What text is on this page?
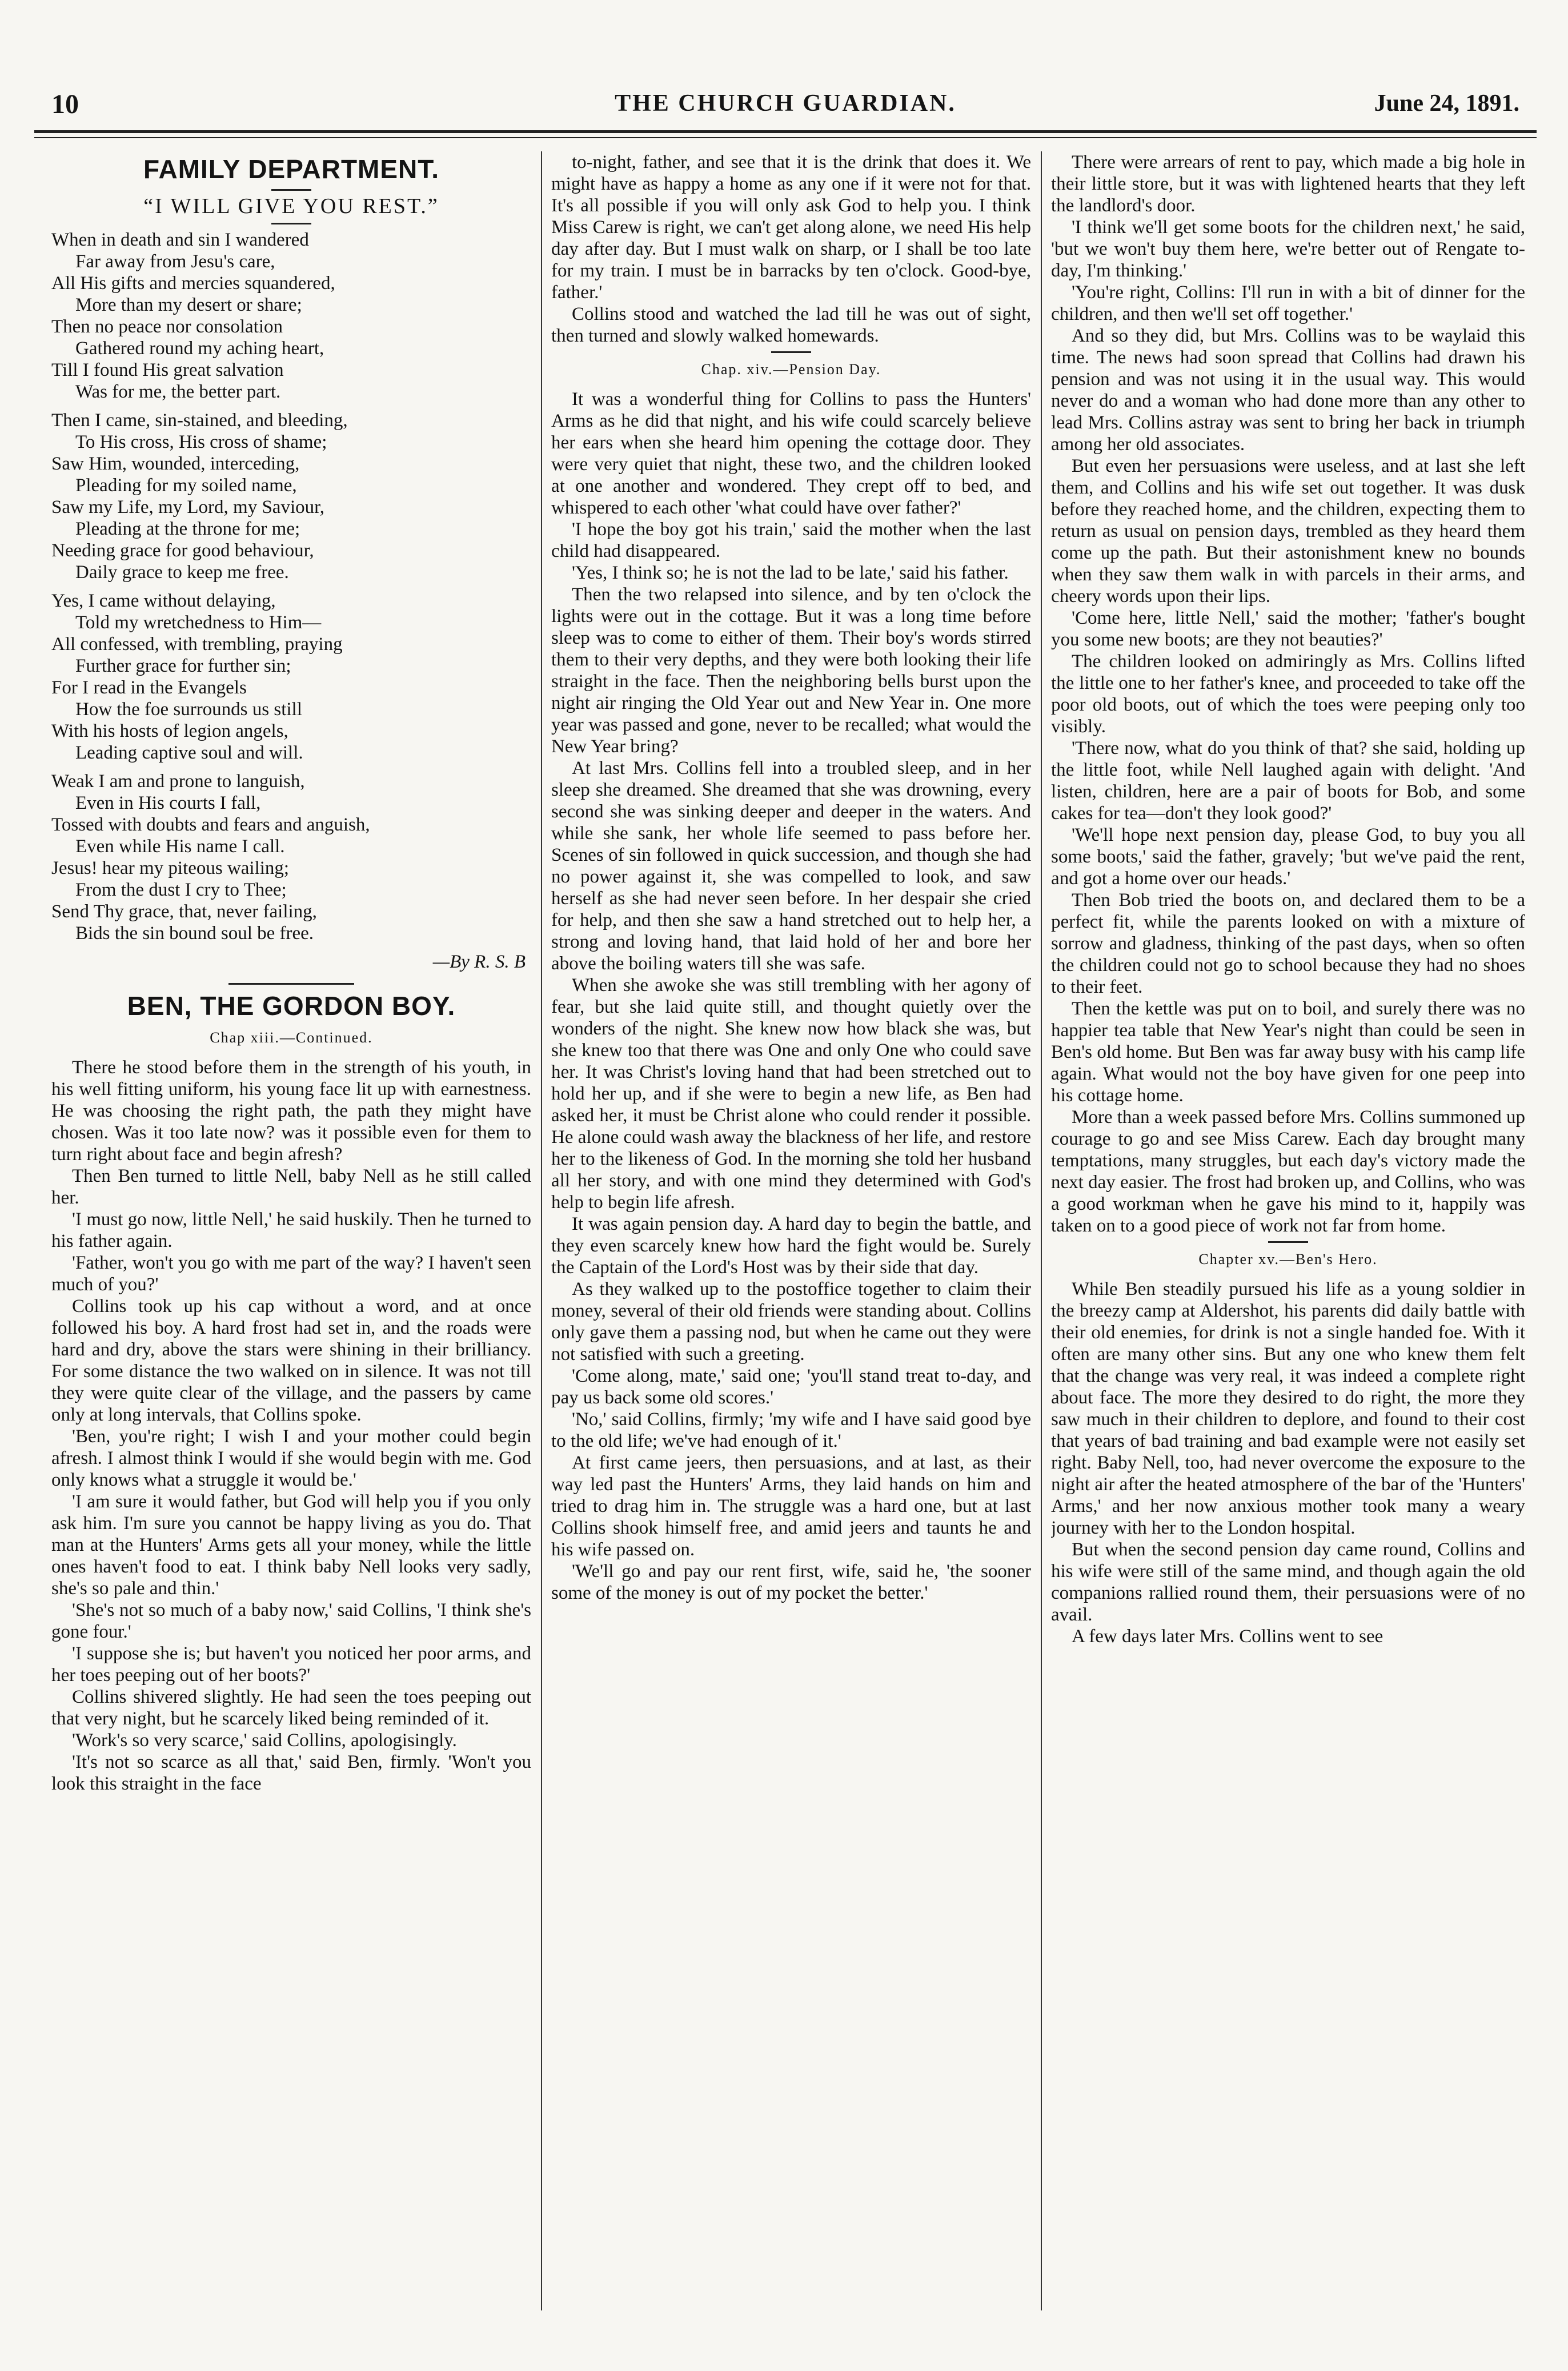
10	THE CHURCH GUARDIAN.	June 24, 1891.
FAMILY DEPARTMENT.
“I WILL GIVE YOU REST.”
When in death and sin I wandered
Far away from Jesu's care,
All His gifts and mercies squandered,
More than my desert or share;
Then no peace nor consolation
Gathered round my aching heart,
Till I found His great salvation
Was for me, the better part.
Then I came, sin-stained, and bleeding,
To His cross, His cross of shame;
Saw Him, wounded, interceding,
Pleading for my soiled name,
Saw my Life, my Lord, my Saviour,
Pleading at the throne for me;
Needing grace for good behaviour,
Daily grace to keep me free.
Yes, I came without delaying,
Told my wretchedness to Him—
All confessed, with trembling, praying
Further grace for further sin;
For I read in the Evangels
How the foe surrounds us still
With his hosts of legion angels,
Leading captive soul and will.
Weak I am and prone to languish,
Even in His courts I fall,
Tossed with doubts and fears and anguish,
Even while His name I call.
Jesus! hear my piteous wailing;
From the dust I cry to Thee;
Send Thy grace, that, never failing,
Bids the sin bound soul be free.
—By R. S. B
BEN, THE GORDON BOY.
Chap xiii.—Continued.

There he stood before them in the strength of his youth, in his well fitting uniform, his young face lit up with earnestness. He was choosing the right path, the path they might have chosen. Was it too late now? was it possible even for them to turn right about face and begin afresh?

Then Ben turned to little Nell, baby Nell as he still called her.

'I must go now, little Nell,' he said huskily. Then he turned to his father again.

'Father, won't you go with me part of the way? I haven't seen much of you?'

Collins took up his cap without a word, and at once followed his boy. A hard frost had set in, and the roads were hard and dry, above the stars were shining in their brilliancy. For some distance the two walked on in silence. It was not till they were quite clear of the village, and the passers by came only at long intervals, that Collins spoke.

'Ben, you're right; I wish I and your mother could begin afresh. I almost think I would if she would begin with me. God only knows what a struggle it would be.'

'I am sure it would father, but God will help you if you only ask him. I'm sure you cannot be happy living as you do. That man at the Hunters' Arms gets all your money, while the little ones haven't food to eat. I think baby Nell looks very sadly, she's so pale and thin.'

'She's not so much of a baby now,' said Collins, 'I think she's gone four.'

'I suppose she is; but haven't you noticed her poor arms, and her toes peeping out of her boots?'

Collins shivered slightly. He had seen the toes peeping out that very night, but he scarcely liked being reminded of it.

'Work's so very scarce,' said Collins, apologisingly.

'It's not so scarce as all that,' said Ben, firmly. 'Won't you look this straight in the face

to-night, father, and see that it is the drink that does it. We might have as happy a home as any one if it were not for that. It's all possible if you will only ask God to help you. I think Miss Carew is right, we can't get along alone, we need His help day after day. But I must walk on sharp, or I shall be too late for my train. I must be in barracks by ten o'clock. Good-bye, father.'

Collins stood and watched the lad till he was out of sight, then turned and slowly walked homewards.

Chap. xiv.—Pension Day.

It was a wonderful thing for Collins to pass the Hunters' Arms as he did that night, and his wife could scarcely believe her ears when she heard him opening the cottage door. They were very quiet that night, these two, and the children looked at one another and wondered. They crept off to bed, and whispered to each other 'what could have over father?'

'I hope the boy got his train,' said the mother when the last child had disappeared.

'Yes, I think so; he is not the lad to be late,' said his father.

Then the two relapsed into silence, and by ten o'clock the lights were out in the cottage. But it was a long time before sleep was to come to either of them. Their boy's words stirred them to their very depths, and they were both looking their life straight in the face. Then the neighboring bells burst upon the night air ringing the Old Year out and New Year in. One more year was passed and gone, never to be recalled; what would the New Year bring?

At last Mrs. Collins fell into a troubled sleep, and in her sleep she dreamed. She dreamed that she was drowning, every second she was sinking deeper and deeper in the waters. And while she sank, her whole life seemed to pass before her. Scenes of sin followed in quick succession, and though she had no power against it, she was compelled to look, and saw herself as she had never seen before. In her despair she cried for help, and then she saw a hand stretched out to help her, a strong and loving hand, that laid hold of her and bore her above the boiling waters till she was safe.

When she awoke she was still trembling with her agony of fear, but she laid quite still, and thought quietly over the wonders of the night. She knew now how black she was, but she knew too that there was One and only One who could save her. It was Christ's loving hand that had been stretched out to hold her up, and if she were to begin a new life, as Ben had asked her, it must be Christ alone who could render it possible. He alone could wash away the blackness of her life, and restore her to the likeness of God. In the morning she told her husband all her story, and with one mind they determined with God's help to begin life afresh.

It was again pension day. A hard day to begin the battle, and they even scarcely knew how hard the fight would be. Surely the Captain of the Lord's Host was by their side that day.

As they walked up to the postoffice together to claim their money, several of their old friends were standing about. Collins only gave them a passing nod, but when he came out they were not satisfied with such a greeting.

'Come along, mate,' said one; 'you'll stand treat to-day, and pay us back some old scores.'

'No,' said Collins, firmly; 'my wife and I have said good bye to the old life; we've had enough of it.'

At first came jeers, then persuasions, and at last, as their way led past the Hunters' Arms, they laid hands on him and tried to drag him in. The struggle was a hard one, but at last Collins shook himself free, and amid jeers and taunts he and his wife passed on.

'We'll go and pay our rent first, wife, said he, 'the sooner some of the money is out of my pocket the better.'

There were arrears of rent to pay, which made a big hole in their little store, but it was with lightened hearts that they left the landlord's door.

'I think we'll get some boots for the children next,' he said, 'but we won't buy them here, we're better out of Rengate to-day, I'm thinking.'

'You're right, Collins: I'll run in with a bit of dinner for the children, and then we'll set off together.'

And so they did, but Mrs. Collins was to be waylaid this time. The news had soon spread that Collins had drawn his pension and was not using it in the usual way. This would never do and a woman who had done more than any other to lead Mrs. Collins astray was sent to bring her back in triumph among her old associates.

But even her persuasions were useless, and at last she left them, and Collins and his wife set out together. It was dusk before they reached home, and the children, expecting them to return as usual on pension days, trembled as they heard them come up the path. But their astonishment knew no bounds when they saw them walk in with parcels in their arms, and cheery words upon their lips.

'Come here, little Nell,' said the mother; 'father's bought you some new boots; are they not beauties?'

The children looked on admiringly as Mrs. Collins lifted the little one to her father's knee, and proceeded to take off the poor old boots, out of which the toes were peeping only too visibly.

'There now, what do you think of that? she said, holding up the little foot, while Nell laughed again with delight. 'And listen, children, here are a pair of boots for Bob, and some cakes for tea—don't they look good?'

'We'll hope next pension day, please God, to buy you all some boots,' said the father, gravely; 'but we've paid the rent, and got a home over our heads.'

Then Bob tried the boots on, and declared them to be a perfect fit, while the parents looked on with a mixture of sorrow and gladness, thinking of the past days, when so often the children could not go to school because they had no shoes to their feet.

Then the kettle was put on to boil, and surely there was no happier tea table that New Year's night than could be seen in Ben's old home. But Ben was far away busy with his camp life again. What would not the boy have given for one peep into his cottage home.

More than a week passed before Mrs. Collins summoned up courage to go and see Miss Carew. Each day brought many temptations, many struggles, but each day's victory made the next day easier. The frost had broken up, and Collins, who was a good workman when he gave his mind to it, happily was taken on to a good piece of work not far from home.

Chapter xv.—Ben's Hero.

While Ben steadily pursued his life as a young soldier in the breezy camp at Aldershot, his parents did daily battle with their old enemies, for drink is not a single handed foe. With it often are many other sins. But any one who knew them felt that the change was very real, it was indeed a complete right about face. The more they desired to do right, the more they saw much in their children to deplore, and found to their cost that years of bad training and bad example were not easily set right. Baby Nell, too, had never overcome the exposure to the night air after the heated atmosphere of the bar of the 'Hunters' Arms,' and her now anxious mother took many a weary journey with her to the London hospital.

But when the second pension day came round, Collins and his wife were still of the same mind, and though again the old companions rallied round them, their persuasions were of no avail.

A few days later Mrs. Collins went to see
